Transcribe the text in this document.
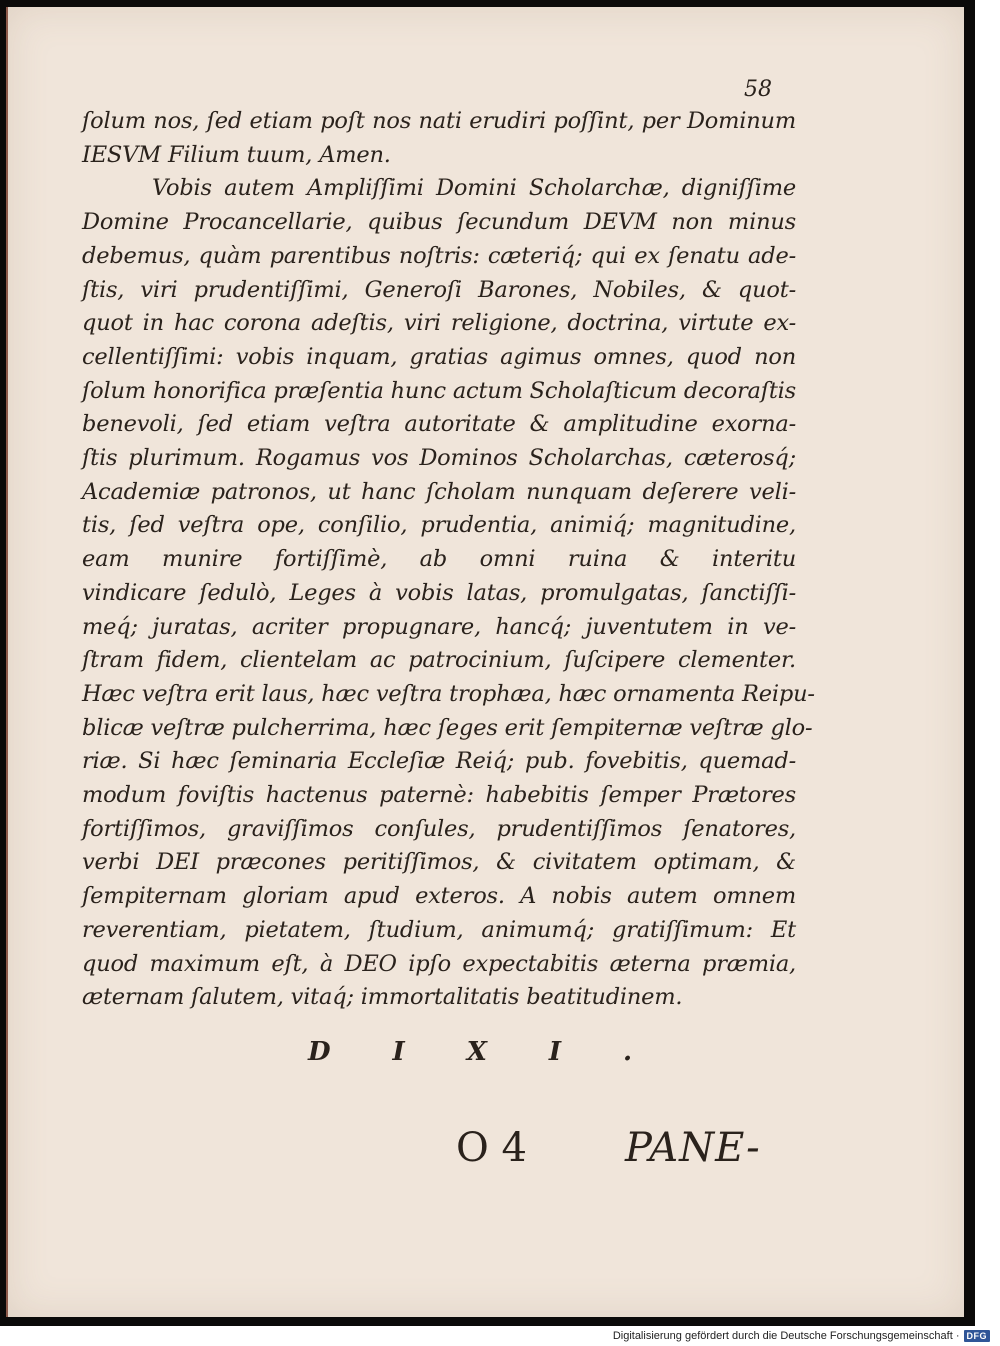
58
ſolum nos, ſed etiam poſt nos nati erudiri poſſint, per Dominum
IESVM Filium tuum, Amen.
Vobis autem Ampliſſimi Domini Scholarchæ, digniſſime
Domine Procancellarie, quibus ſecundum DEVM non minus
debemus, quàm parentibus noſtris: cæteriq́; qui ex ſenatu ade-
ſtis, viri prudentiſſimi, Generoſi Barones, Nobiles, & quot-
quot in hac corona adeſtis, viri religione, doctrina, virtute ex-
cellentiſſimi: vobis inquam, gratias agimus omnes, quod non
ſolum honorifica præſentia hunc actum Scholaſticum decoraſtis
benevoli, ſed etiam veſtra autoritate & amplitudine exorna-
ſtis plurimum. Rogamus vos Dominos Scholarchas, cæterosq́;
Academiæ patronos, ut hanc ſcholam nunquam deſerere veli-
tis, ſed veſtra ope, conſilio, prudentia, animiq́; magnitudine,
eam munire fortiſſimè, ab omni ruina & interitu
vindicare ſedulò, Leges à vobis latas, promulgatas, ſanctiſſi-
meq́; juratas, acriter propugnare, hancq́; juventutem in ve-
ſtram fidem, clientelam ac patrocinium, ſuſcipere clementer.
Hæc veſtra erit laus, hæc veſtra trophæa, hæc ornamenta Reipu-
blicæ veſtræ pulcherrima, hæc ſeges erit ſempiternæ veſtræ glo-
riæ. Si hæc ſeminaria Eccleſiæ Reiq́; pub. fovebitis, quemad-
modum foviſtis hactenus paternè: habebitis ſemper Prætores
fortiſſimos, graviſſimos conſules, prudentiſſimos ſenatores,
verbi DEI præcones peritiſſimos, & civitatem optimam, &
ſempiternam gloriam apud exteros. A nobis autem omnem
reverentiam, pietatem, ſtudium, animumq́; gratiſſimum: Et
quod maximum eſt, à DEO ipſo expectabitis æterna præmia,
æternam ſalutem, vitaq́; immortalitatis beatitudinem.
DIXI.
O 4 PANE-
Digitalisierung gefördert durch die Deutsche Forschungsgemeinschaft · DFG
